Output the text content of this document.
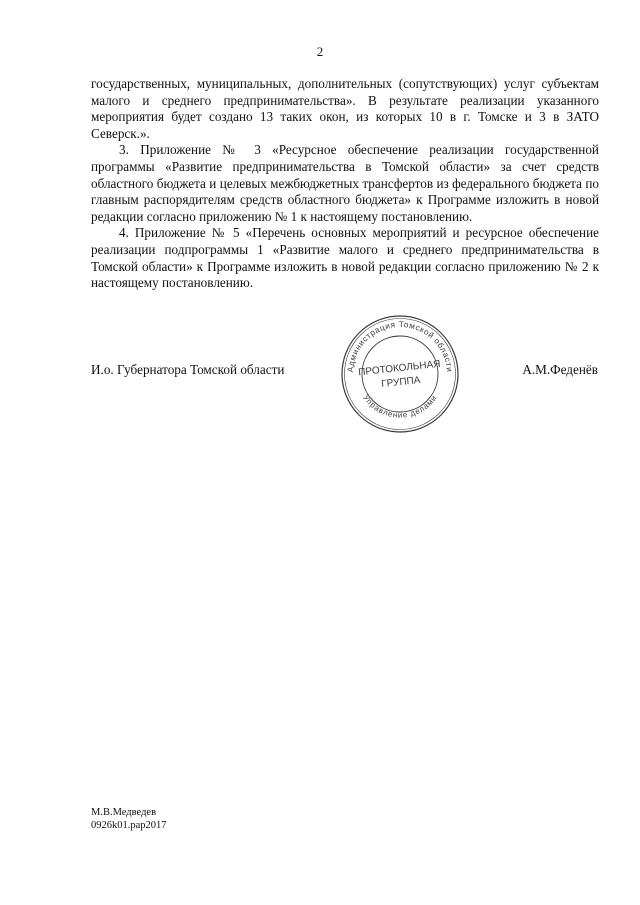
2

государственных, муниципальных, дополнительных (сопутствующих) услуг субъектам малого и среднего предпринимательства». В результате реализации указанного мероприятия будет создано 13 таких окон, из которых 10 в г. Томске и 3 в ЗАТО Северск.».

3. Приложение № 3 «Ресурсное обеспечение реализации государственной программы «Развитие предпринимательства в Томской области» за счет средств областного бюджета и целевых межбюджетных трансфертов из федерального бюджета по главным распорядителям средств областного бюджета» к Программе изложить в новой редакции согласно приложению № 1 к настоящему постановлению.

4. Приложение № 5 «Перечень основных мероприятий и ресурсное обеспечение реализации подпрограммы 1 «Развитие малого и среднего предпринимательства в Томской области» к Программе изложить в новой редакции согласно приложению № 2 к настоящему постановлению.

И.о. Губернатора Томской области	А.М.Феденёв
Администрация Томской области
Управление делами
ПРОТОКОЛЬНАЯ
ГРУППА
М.В.Медведев
0926k01.pap2017
